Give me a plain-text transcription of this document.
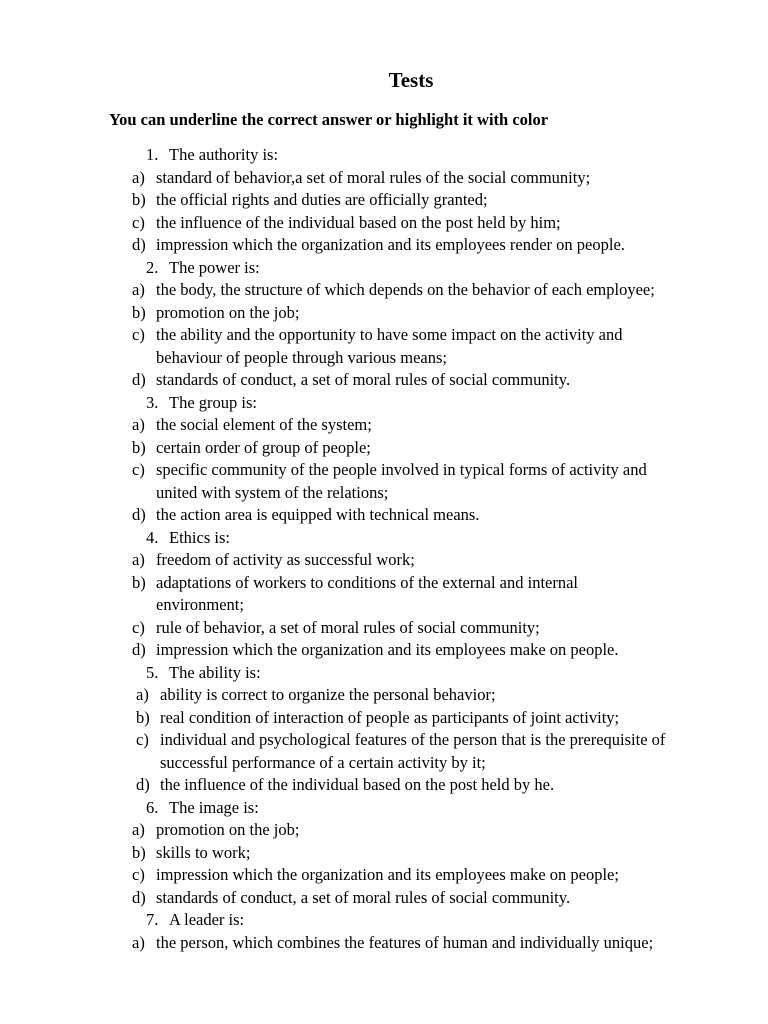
Tests
You can underline the correct answer or highlight it with color
1. The authority is:
a) standard of behavior,a set of moral rules of the social community;
b) the official rights and duties are officially granted;
c) the influence of the individual based on the post held by him;
d) impression which the organization and its employees render on people.
2. The power is:
a) the body, the structure of which depends on the behavior of each employee;
b) promotion on the job;
c) the ability and the opportunity to have some impact on the activity and
behaviour of people through various means;
d) standards of conduct, a set of moral rules of social community.
3. The group is:
a) the social element of the system;
b) certain order of group of people;
c) specific community of the people involved in typical forms of activity and
united with system of the relations;
d) the action area is equipped with technical means.
4. Ethics is:
a) freedom of activity as successful work;
b) adaptations of workers to conditions of the external and internal
environment;
c) rule of behavior, a set of moral rules of social community;
d) impression which the organization and its employees make on people.
5. The ability is:
a) ability is correct to organize the personal behavior;
b) real condition of interaction of people as participants of joint activity;
c) individual and psychological features of the person that is the prerequisite of
successful performance of a certain activity by it;
d) the influence of the individual based on the post held by he.
6. The image is:
a) promotion on the job;
b) skills to work;
c) impression which the organization and its employees make on people;
d) standards of conduct, a set of moral rules of social community.
7. A leader is:
a) the person, which combines the features of human and individually unique;
